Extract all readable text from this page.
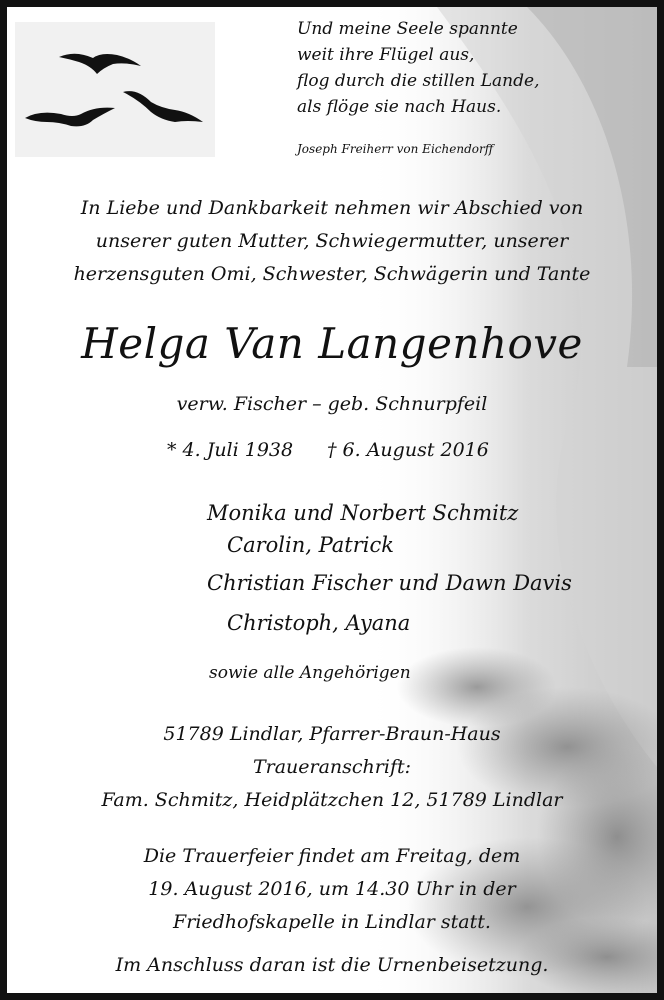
Und meine Seele spannte

weit ihre Flügel aus,

flog durch die stillen Lande,

als flöge sie nach Haus.

Joseph Freiherr von Eichendorff

In Liebe und Dankbarkeit nehmen wir Abschied von

unserer guten Mutter, Schwiegermutter, unserer

herzensguten Omi, Schwester, Schwägerin und Tante

Helga Van Langenhove

verw. Fischer – geb. Schnurpfeil

* 4. Juli 1938 † 6. August 2016

Monika und Norbert Schmitz

Carolin, Patrick

Christian Fischer und Dawn Davis

Christoph, Ayana

sowie alle Angehörigen

51789 Lindlar, Pfarrer-Braun-Haus

Traueranschrift:

Fam. Schmitz, Heidplätzchen 12, 51789 Lindlar

Die Trauerfeier findet am Freitag, dem

19. August 2016, um 14.30 Uhr in der

Friedhofskapelle in Lindlar statt.

Im Anschluss daran ist die Urnenbeisetzung.
